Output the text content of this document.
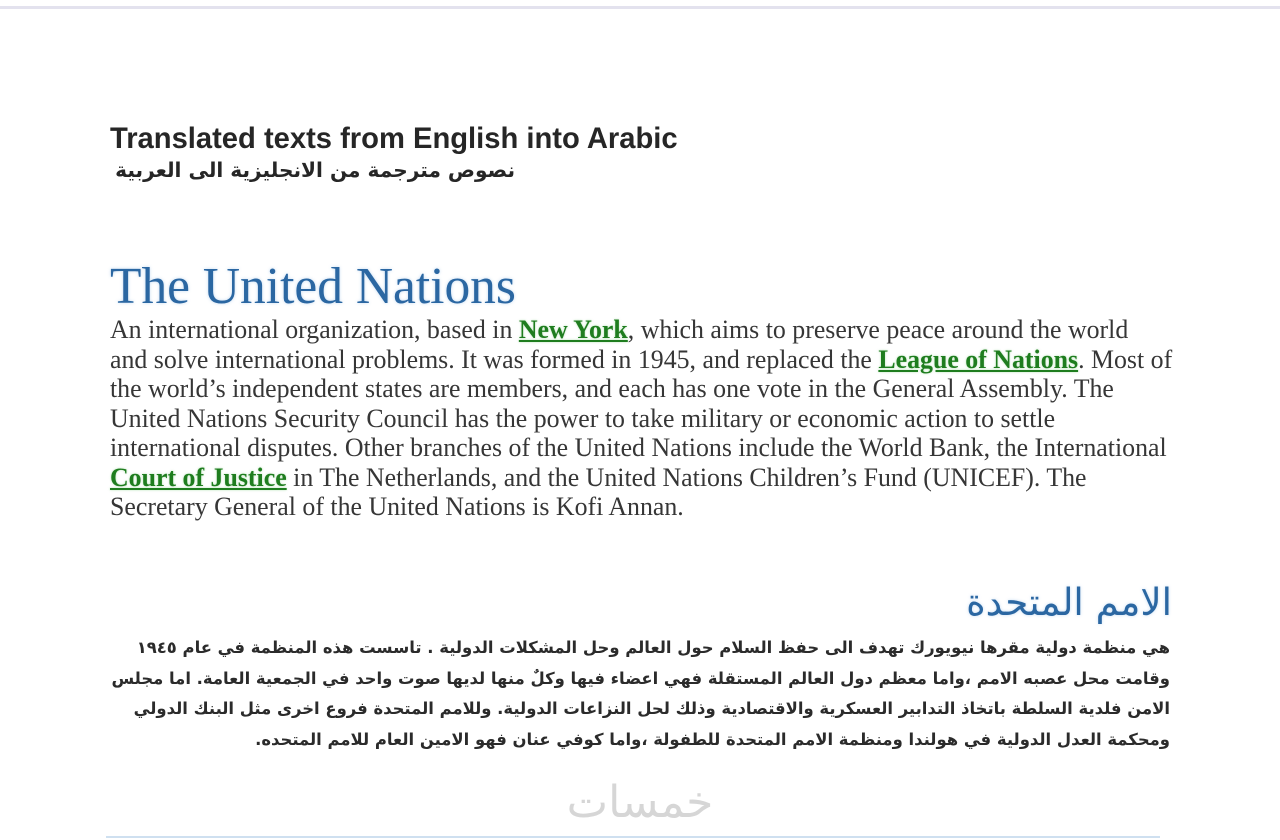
Translated texts from English into Arabic
نصوص مترجمة من الانجليزية الى العربية
The United Nations
An international organization, based in New York, which aims to preserve peace around the world
and solve international problems. It was formed in 1945, and replaced the League of Nations. Most of
the world’s independent states are members, and each has one vote in the General Assembly. The
United Nations Security Council has the power to take military or economic action to settle
international disputes. Other branches of the United Nations include the World Bank, the International
Court of Justice in The Netherlands, and the United Nations Children’s Fund (UNICEF). The
Secretary General of the United Nations is Kofi Annan.
الامم المتحدة
هي منظمة دولية مقرها نيويورك تهدف الى حفظ السلام حول العالم وحل المشكلات الدولية . تاسست هذه المنظمة في عام ١٩٤٥
وقامت محل عصبه الامم ،واما معظم دول العالم المستقلة فهي اعضاء فيها وكلٌ منها لديها صوت واحد في الجمعية العامة. اما مجلس
الامن فلدية السلطة باتخاذ التدابير العسكرية والاقتصادية وذلك لحل النزاعات الدولية. وللامم المتحدة فروع اخرى مثل البنك الدولي
ومحكمة العدل الدولية في هولندا ومنظمة الامم المتحدة للطفولة ،واما كوفي عنان فهو الامين العام للامم المتحده.
خمسات
